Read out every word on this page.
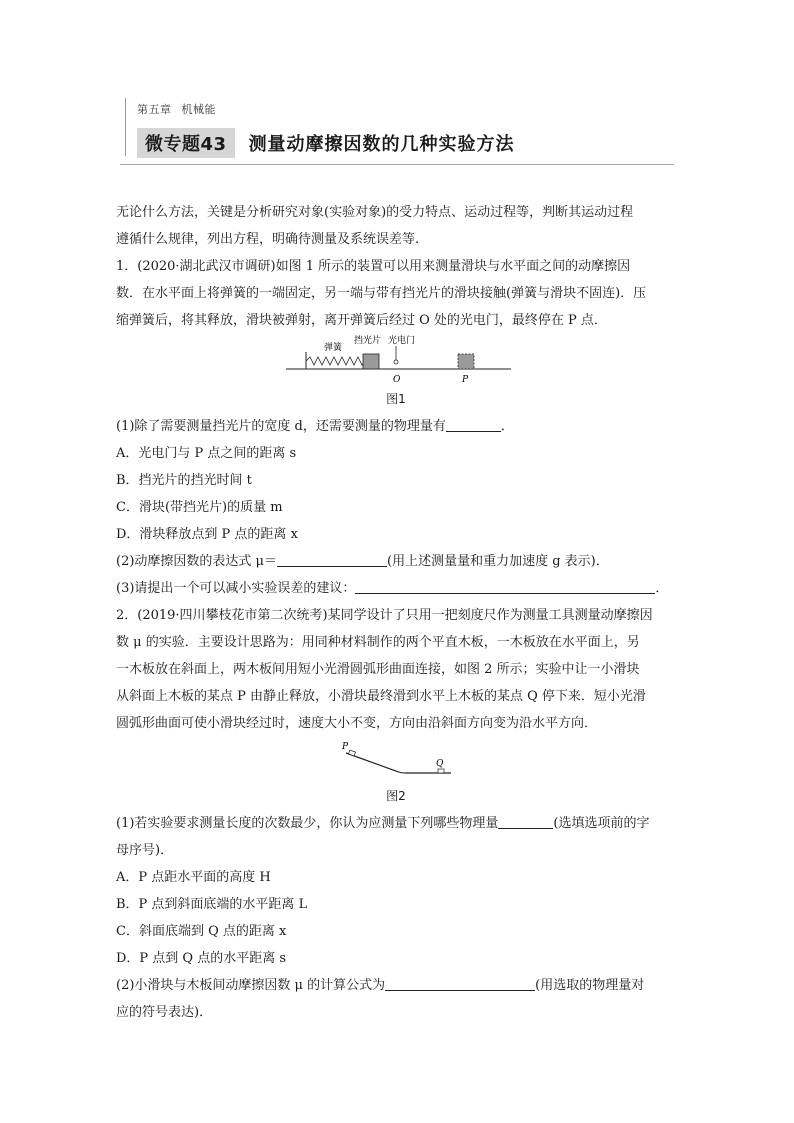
第五章 机械能
微专题43	测量动摩擦因数的几种实验方法

无论什么方法，关键是分析研究对象(实验对象)的受力特点、运动过程等，判断其运动过程

遵循什么规律，列出方程，明确待测量及系统误差等.

1．(2020·湖北武汉市调研)如图 1 所示的装置可以用来测量滑块与水平面之间的动摩擦因

数．在水平面上将弹簧的一端固定，另一端与带有挡光片的滑块接触(弹簧与滑块不固连)．压

缩弹簧后，将其释放，滑块被弹射，离开弹簧后经过 O 处的光电门，最终停在 P 点．

弹簧
挡光片 光电门
O	P
图1

(1)除了需要测量挡光片的宽度 d，还需要测量的物理量有	．

A．光电门与 P 点之间的距离 s

B．挡光片的挡光时间 t

C．滑块(带挡光片)的质量 m

D．滑块释放点到 P 点的距离 x

(2)动摩擦因数的表达式 μ＝	(用上述测量量和重力加速度 g 表示)．

(3)请提出一个可以减小实验误差的建议：	．

2．(2019·四川攀枝花市第二次统考)某同学设计了只用一把刻度尺作为测量工具测量动摩擦因

数 μ 的实验．主要设计思路为：用同种材料制作的两个平直木板，一木板放在水平面上，另

一木板放在斜面上，两木板间用短小光滑圆弧形曲面连接，如图 2 所示；实验中让一小滑块

从斜面上木板的某点 P 由静止释放，小滑块最终滑到水平上木板的某点 Q 停下来．短小光滑

圆弧形曲面可使小滑块经过时，速度大小不变，方向由沿斜面方向变为沿水平方向．

P
Q
图2

(1)若实验要求测量长度的次数最少，你认为应测量下列哪些物理量	(选填选项前的字

母序号)．

A．P 点距水平面的高度 H

B．P 点到斜面底端的水平距离 L

C．斜面底端到 Q 点的距离 x

D．P 点到 Q 点的水平距离 s

(2)小滑块与木板间动摩擦因数 μ 的计算公式为	(用选取的物理量对

应的符号表达)．
